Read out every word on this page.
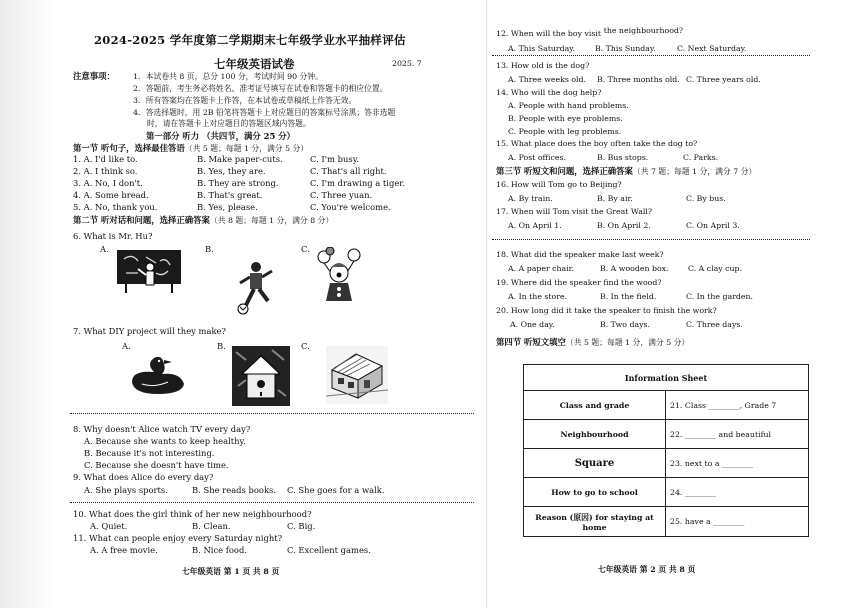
2024-2025 学年度第二学期期末七年级学业水平抽样评估
七年级英语试卷	2025. 7
注意事项： 1．本试卷共 8 页，总分 100 分，考试时间 90 分钟。
2．答题前，考生务必将姓名、准考证号填写在试卷和答题卡的相应位置。
3．所有答案均在答题卡上作答，在本试卷或草稿纸上作答无效。
4．答选择题时，用 2B 铅笔将答题卡上对应题目的答案标号涂黑；答非选题
时，请在答题卡上对应题目的答题区域内答题。
第一部分 听力 （共四节，满分 25 分）
第一节 听句子，选择最佳答语（共 5 题；每题 1 分，满分 5 分）
1. A. I'd like to.	B. Make paper-cuts.	C. I'm busy.
2. A. I think so.	B. Yes, they are.	C. That's all right.
3. A. No, I don't.	B. They are strong.	C. I'm drawing a tiger.
4. A. Some bread.	B. That's great.	C. Three yuan.
5. A. No, thank you.	B. Yes, please.	C. You're welcome.
第二节 听对话和问题，选择正确答案（共 8 题；每题 1 分，满分 8 分）
6. What is Mr. Hu?
A.	B.	C.
7. What DIY project will they make?
A.	B.	C.
8. Why doesn't Alice watch TV every day?
A. Because she wants to keep healthy.
B. Because it's not interesting.
C. Because she doesn't have time.
9. What does Alice do every day?
A. She plays sports.	B. She reads books. C. She goes for a walk.
10. What does the girl think of her new neighbourhood?
A. Quiet.	B. Clean.	C. Big.
11. What can people enjoy every Saturday night?
A. A free movie.	B. Nice food.	C. Excellent games.
七年级英语 第 1 页 共 8 页
12. When will the boy visit the neighbourhood?
A. This Saturday.	B. This Sunday.	C. Next Saturday.
13. How old is the dog?
A. Three weeks old. B. Three months old. C. Three years old.
14. Who will the dog help?
A. People with hand problems.
B. People with eye problems.
C. People with leg problems.
15. What place does the boy often take the dog to?
A. Post offices.	B. Bus stops.	C. Parks.
第三节 听短文和问题，选择正确答案（共 7 题；每题 1 分，满分 7 分）
16. How will Tom go to Beijing?
A. By train.	B. By air.	C. By bus.
17. When will Tom visit the Great Wall?
A. On April 1.	B. On April 2.	C. On April 3.
18. What did the speaker make last week?
A. A paper chair.	B. A wooden box. C. A clay cup.
19. Where did the speaker find the wood?
A. In the store.	B. In the field.	C. In the garden.
20. How long did it take the speaker to finish the work?
A. One day.	B. Two days.	C. Three days.
第四节 听短文填空（共 5 题；每题 1 分，满分 5 分）
Information Sheet	
Class and grade	21. Class ________, Grade 7
Neighbourhood	22. ________ and beautiful
Square	23. next to a ________
How to go to school	24. ________
Reason (原因) for staying at home	25. have a ________
七年级英语 第 2 页 共 8 页
